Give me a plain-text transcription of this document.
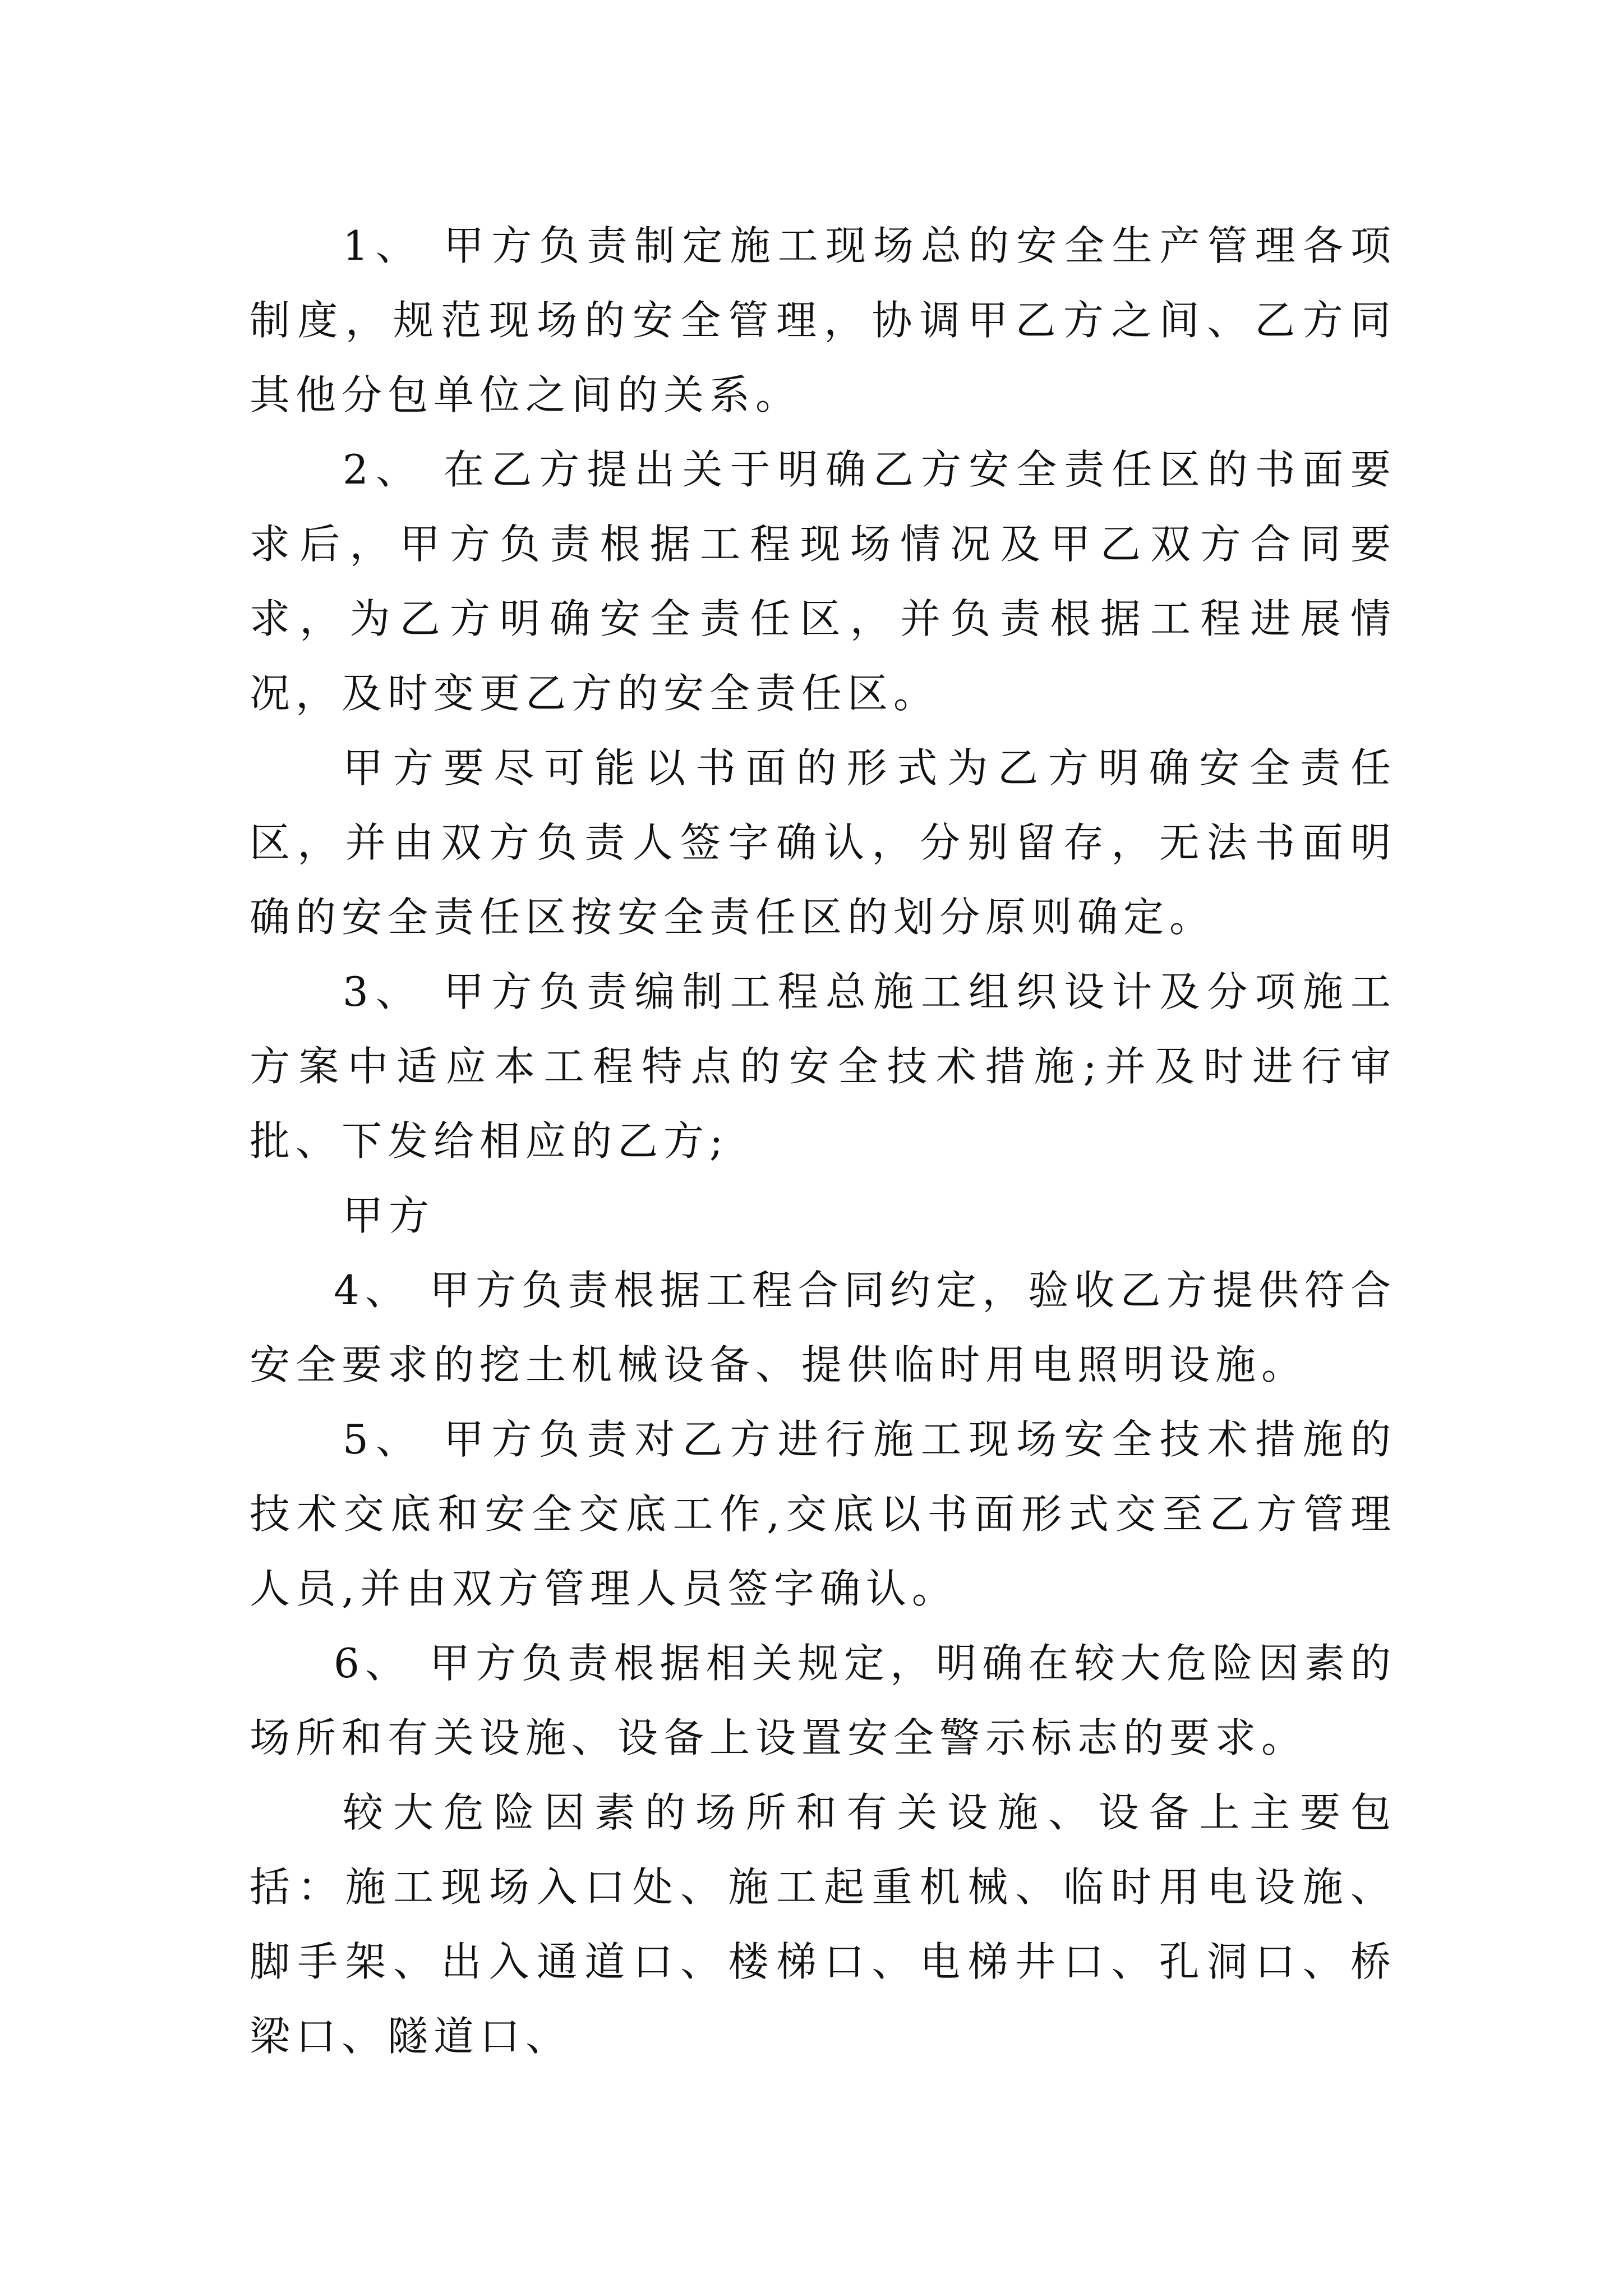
1、 甲方负责制定施工现场总的安全生产管理各项制度，规范现场的安全管理，协调甲乙方之间、乙方同其他分包单位之间的关系。

2、 在乙方提出关于明确乙方安全责任区的书面要求后，甲方负责根据工程现场情况及甲乙双方合同要求，为乙方明确安全责任区，并负责根据工程进展情况，及时变更乙方的安全责任区。

甲方要尽可能以书面的形式为乙方明确安全责任区，并由双方负责人签字确认，分别留存，无法书面明确的安全责任区按安全责任区的划分原则确定。

3、 甲方负责编制工程总施工组织设计及分项施工方案中适应本工程特点的安全技术措施;并及时进行审批、下发给相应的乙方;

甲方

4、 甲方负责根据工程合同约定，验收乙方提供符合安全要求的挖土机械设备、提供临时用电照明设施。

5、 甲方负责对乙方进行施工现场安全技术措施的技术交底和安全交底工作,交底以书面形式交至乙方管理人员,并由双方管理人员签字确认。

6、 甲方负责根据相关规定，明确在较大危险因素的场所和有关设施、设备上设置安全警示标志的要求。

较大危险因素的场所和有关设施、设备上主要包括：施工现场入口处、施工起重机械、临时用电设施、脚手架、出入通道口、楼梯口、电梯井口、孔洞口、桥梁口、隧道口、
